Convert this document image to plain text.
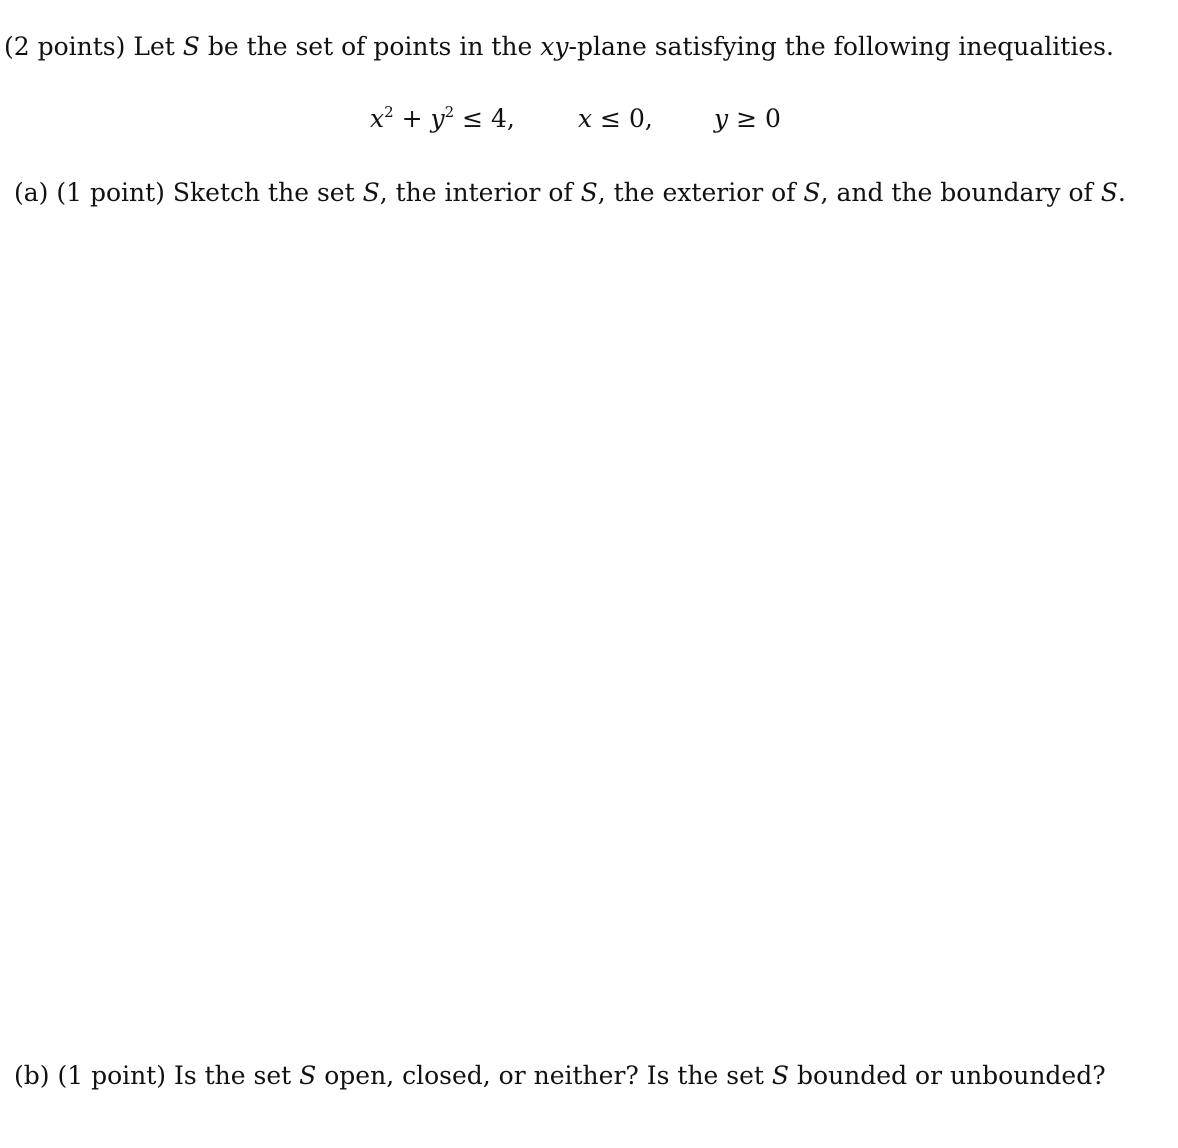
(2 points) Let S be the set of points in the xy-plane satisfying the following inequalities.
$x^2 + y^2 \le 4$,	x ≤ 0, y ≥ 0
(a) (1 point) Sketch the set S, the interior of S, the exterior of S, and the boundary of S.
(b) (1 point) Is the set S open, closed, or neither? Is the set S bounded or unbounded?
